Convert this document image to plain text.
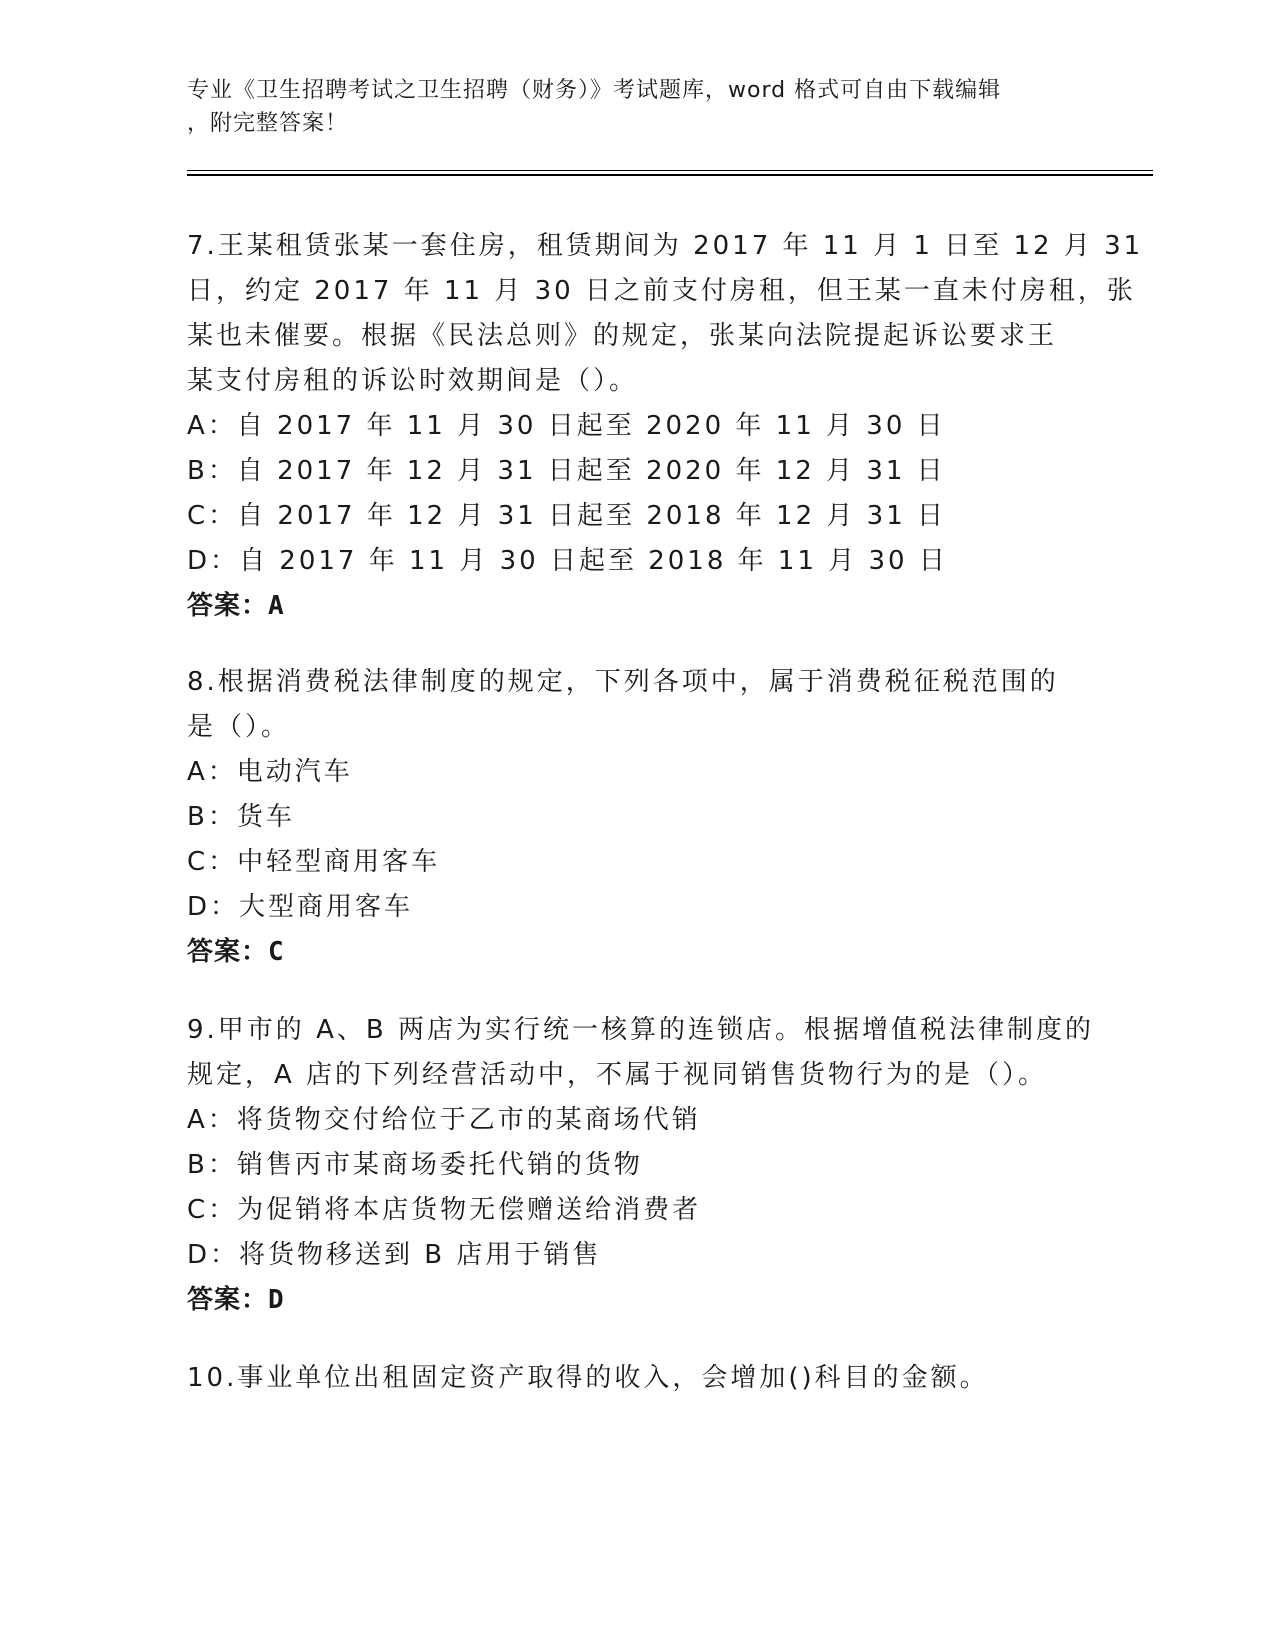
专业《卫生招聘考试之卫生招聘（财务）》考试题库，word 格式可自由下载编辑
，附完整答案！
7.王某租赁张某一套住房，租赁期间为 2017 年 11 月 1 日至 12 月 31
日，约定 2017 年 11 月 30 日之前支付房租，但王某一直未付房租，张
某也未催要。根据《民法总则》的规定，张某向法院提起诉讼要求王
某支付房租的诉讼时效期间是（）。
A：自 2017 年 11 月 30 日起至 2020 年 11 月 30 日
B：自 2017 年 12 月 31 日起至 2020 年 12 月 31 日
C：自 2017 年 12 月 31 日起至 2018 年 12 月 31 日
D：自 2017 年 11 月 30 日起至 2018 年 11 月 30 日
答案：A
8.根据消费税法律制度的规定，下列各项中，属于消费税征税范围的
是（）。
A：电动汽车
B：货车
C：中轻型商用客车
D：大型商用客车
答案：C
9.甲市的 A、B 两店为实行统一核算的连锁店。根据增值税法律制度的
规定，A 店的下列经营活动中，不属于视同销售货物行为的是（）。
A：将货物交付给位于乙市的某商场代销
B：销售丙市某商场委托代销的货物
C：为促销将本店货物无偿赠送给消费者
D：将货物移送到 B 店用于销售
答案：D
10.事业单位出租固定资产取得的收入，会增加()科目的金额。
